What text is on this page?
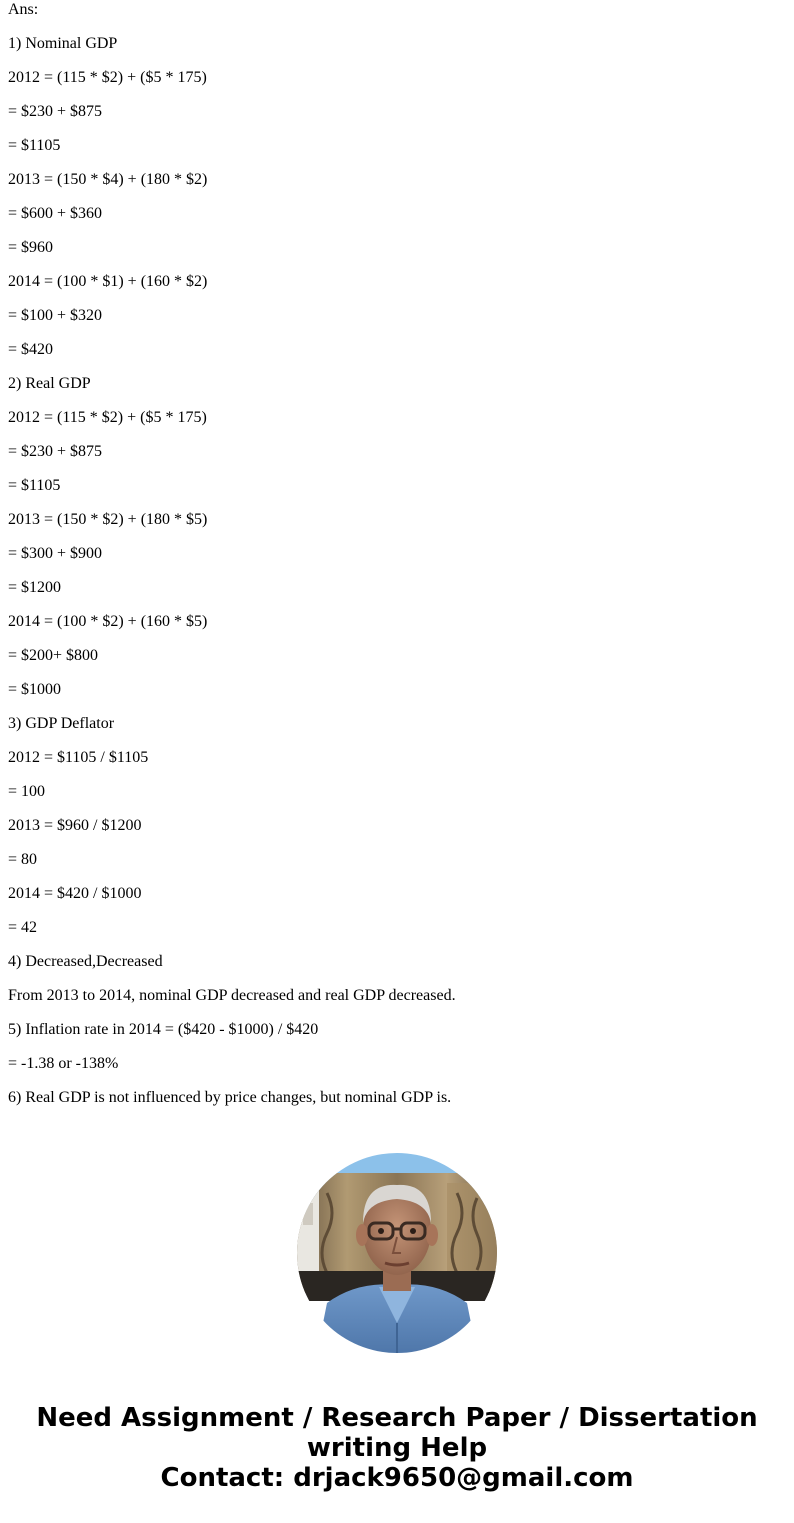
Ans:
1) Nominal GDP
2012 = (115 * $2) + ($5 * 175)
= $230 + $875
= $1105
2013 = (150 * $4) + (180 * $2)
= $600 + $360
= $960
2014 = (100 * $1) + (160 * $2)
= $100 + $320
= $420
2) Real GDP
2012 = (115 * $2) + ($5 * 175)
= $230 + $875
= $1105
2013 = (150 * $2) + (180 * $5)
= $300 + $900
= $1200
2014 = (100 * $2) + (160 * $5)
= $200+ $800
= $1000
3) GDP Deflator
2012 = $1105 / $1105
= 100
2013 = $960 / $1200
= 80
2014 = $420 / $1000
= 42
4) Decreased,Decreased
From 2013 to 2014, nominal GDP decreased and real GDP decreased.
5) Inflation rate in 2014 = ($420 - $1000) / $420
= -1.38 or -138%
6) Real GDP is not influenced by price changes, but nominal GDP is.
Need Assignment / Research Paper / Dissertation
writing Help
Contact: drjack9650@gmail.com
